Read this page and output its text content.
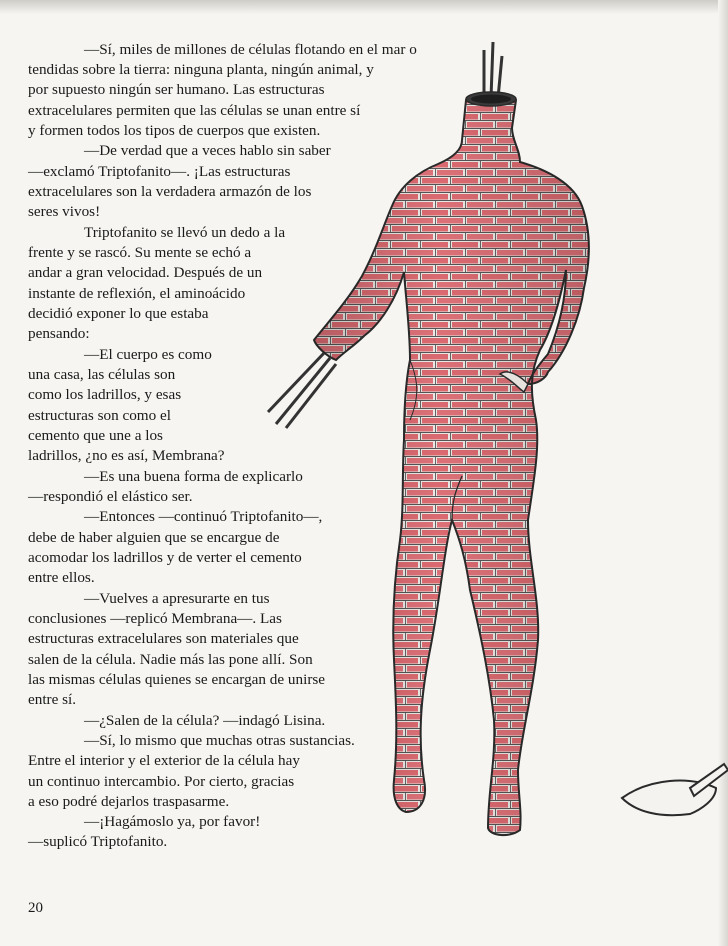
—Sí, miles de millones de células flotando en el mar o
tendidas sobre la tierra: ninguna planta, ningún animal, y
por supuesto ningún ser humano. Las estructuras
extracelulares permiten que las células se unan entre sí
y formen todos los tipos de cuerpos que existen.
—De verdad que a veces hablo sin saber
—exclamó Triptofanito—. ¡Las estructuras
extracelulares son la verdadera armazón de los
seres vivos!
Triptofanito se llevó un dedo a la
frente y se rascó. Su mente se echó a
andar a gran velocidad. Después de un
instante de reflexión, el aminoácido
decidió exponer lo que estaba
pensando:
—El cuerpo es como
una casa, las células son
como los ladrillos, y esas
estructuras son como el
cemento que une a los
ladrillos, ¿no es así, Membrana?
—Es una buena forma de explicarlo
—respondió el elástico ser.
—Entonces —continuó Triptofanito—,
debe de haber alguien que se encargue de
acomodar los ladrillos y de verter el cemento
entre ellos.
—Vuelves a apresurarte en tus
conclusiones —replicó Membrana—. Las
estructuras extracelulares son materiales que
salen de la célula. Nadie más las pone allí. Son
las mismas células quienes se encargan de unirse
entre sí.
—¿Salen de la célula? —indagó Lisina.
—Sí, lo mismo que muchas otras sustancias.
Entre el interior y el exterior de la célula hay
un continuo intercambio. Por cierto, gracias
a eso podré dejarlos traspasarme.
—¡Hagámoslo ya, por favor!
—suplicó Triptofanito.
20
